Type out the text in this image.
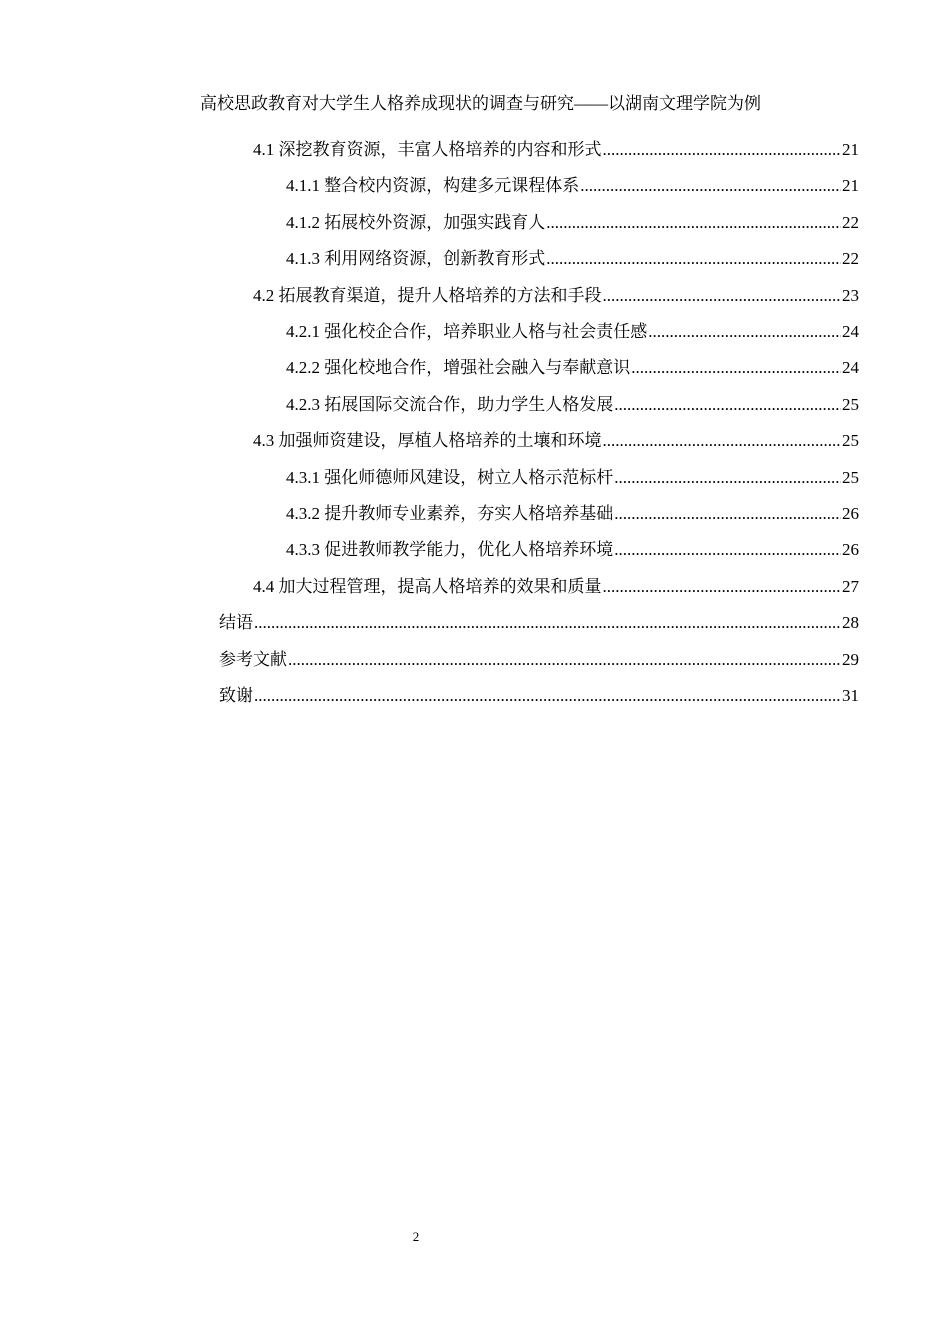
高校思政教育对大学生人格养成现状的调查与研究——以湖南文理学院为例
4.1 深挖教育资源，丰富人格培养的内容和形式 .....	21
4.1.1 整合校内资源，构建多元课程体系 .....	21
4.1.2 拓展校外资源，加强实践育人 .....	22
4.1.3 利用网络资源，创新教育形式 .....	22
4.2 拓展教育渠道，提升人格培养的方法和手段 .....	23
4.2.1 强化校企合作，培养职业人格与社会责任感 .....	24
4.2.2 强化校地合作，增强社会融入与奉献意识 .....	24
4.2.3 拓展国际交流合作，助力学生人格发展 .....	25
4.3 加强师资建设，厚植人格培养的土壤和环境 .....	25
4.3.1 强化师德师风建设，树立人格示范标杆 .....	25
4.3.2 提升教师专业素养，夯实人格培养基础 .....	26
4.3.3 促进教师教学能力，优化人格培养环境 .....	26
4.4 加大过程管理，提高人格培养的效果和质量 .....	27
结语 .....	28
参考文献 .....	29
致谢 .....	31
2
